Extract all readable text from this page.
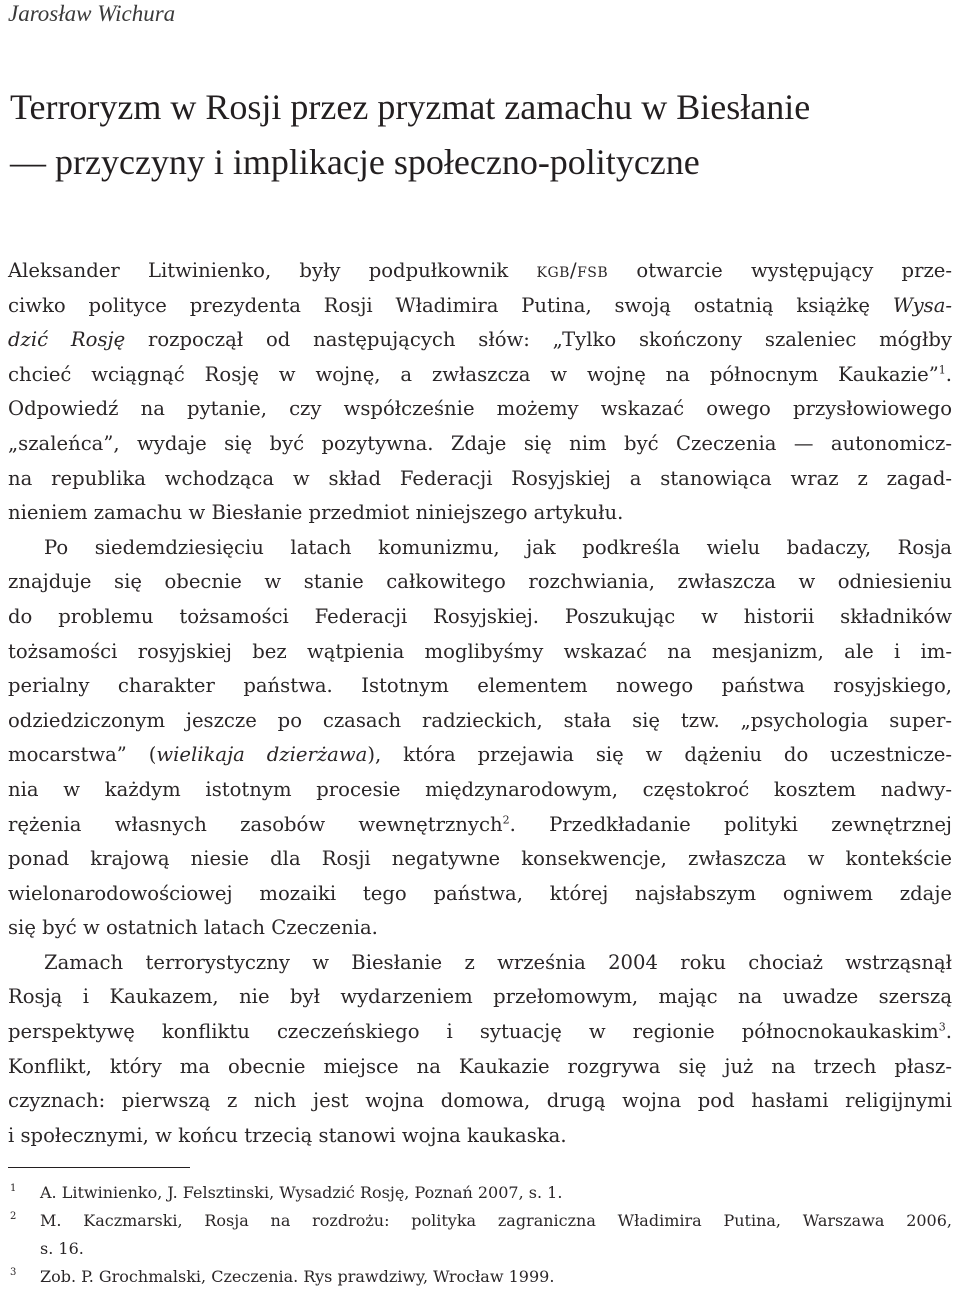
Jarosław Wichura
Terroryzm w Rosji przez pryzmat zamachu w Biesłanie
— przyczyny i implikacje społeczno-polityczne
Aleksander Litwinienko, były podpułkownik kgb/fsb otwarcie występujący prze-
ciwko polityce prezydenta Rosji Władimira Putina, swoją ostatnią książkę Wysa-
dzić Rosję rozpoczął od następujących słów: „Tylko skończony szaleniec mógłby
chcieć wciągnąć Rosję w wojnę, a zwłaszcza w wojnę na północnym Kaukazie”$^1$.
Odpowiedź na pytanie, czy współcześnie możemy wskazać owego przysłowiowego
„szaleńca”, wydaje się być pozytywna. Zdaje się nim być Czeczenia — autonomicz-
na republika wchodząca w skład Federacji Rosyjskiej a stanowiąca wraz z zagad-
nieniem zamachu w Biesłanie przedmiot niniejszego artykułu.
Po siedemdziesięciu latach komunizmu, jak podkreśla wielu badaczy, Rosja
znajduje się obecnie w stanie całkowitego rozchwiania, zwłaszcza w odniesieniu
do problemu tożsamości Federacji Rosyjskiej. Poszukując w historii składników
tożsamości rosyjskiej bez wątpienia moglibyśmy wskazać na mesjanizm, ale i im-
perialny charakter państwa. Istotnym elementem nowego państwa rosyjskiego,
odziedziczonym jeszcze po czasach radzieckich, stała się tzw. „psychologia super-
mocarstwa” (wielikaja dzierżawa), która przejawia się w dążeniu do uczestnicze-
nia w każdym istotnym procesie międzynarodowym, częstokroć kosztem nadwy-
rężenia własnych zasobów wewnętrznych$^2$. Przedkładanie polityki zewnętrznej
ponad krajową niesie dla Rosji negatywne konsekwencje, zwłaszcza w kontekście
wielonarodowościowej mozaiki tego państwa, której najsłabszym ogniwem zdaje
się być w ostatnich latach Czeczenia.
Zamach terrorystyczny w Biesłanie z września 2004 roku chociaż wstrząsnął
Rosją i Kaukazem, nie był wydarzeniem przełomowym, mając na uwadze szerszą
perspektywę konfliktu czeczeńskiego i sytuację w regionie północnokaukaskim$^3$.
Konflikt, który ma obecnie miejsce na Kaukazie rozgrywa się już na trzech płasz-
czyznach: pierwszą z nich jest wojna domowa, drugą wojna pod hasłami religijnymi
i społecznymi, w końcu trzecią stanowi wojna kaukaska.
1 A. Litwinienko, J. Felsztinski, Wysadzić Rosję, Poznań 2007, s. 1.
2 M. Kaczmarski, Rosja na rozdrożu: polityka zagraniczna Władimira Putina, Warszawa 2006,
s. 16.
3 Zob. P. Grochmalski, Czeczenia. Rys prawdziwy, Wrocław 1999.
